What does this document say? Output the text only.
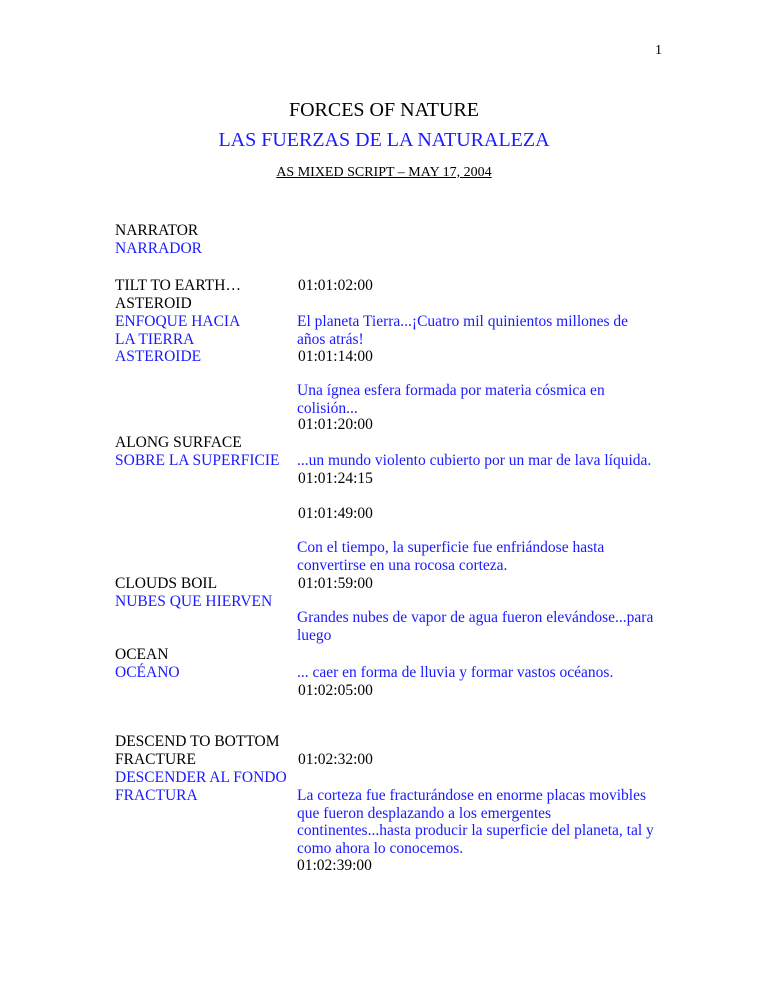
1
FORCES OF NATURE
LAS FUERZAS DE LA NATURALEZA
AS MIXED SCRIPT – MAY 17, 2004
NARRATOR
NARRADOR
TILT TO EARTH…
ASTEROID
ENFOQUE HACIA
LA TIERRA
ASTEROIDE
ALONG SURFACE
SOBRE LA SUPERFICIE
CLOUDS BOIL
NUBES QUE HIERVEN
OCEAN
OCÉANO
DESCEND TO BOTTOM
FRACTURE
DESCENDER AL FONDO
FRACTURA
01:01:02:00
El planeta Tierra...¡Cuatro mil quinientos millones de años atrás!
01:01:14:00
Una ígnea esfera formada por materia cósmica en colisión...
01:01:20:00
...un mundo violento cubierto por un mar de lava líquida.
01:01:24:15
01:01:49:00
Con el tiempo, la superficie fue enfriándose hasta convertirse en una rocosa corteza.
01:01:59:00
Grandes nubes de vapor de agua fueron elevándose...para luego
... caer en forma de lluvia y formar vastos océanos.
01:02:05:00
01:02:32:00
La corteza fue fracturándose en enorme placas movibles que fueron desplazando a los emergentes continentes...hasta producir la superficie del planeta, tal y como ahora lo conocemos.
01:02:39:00
